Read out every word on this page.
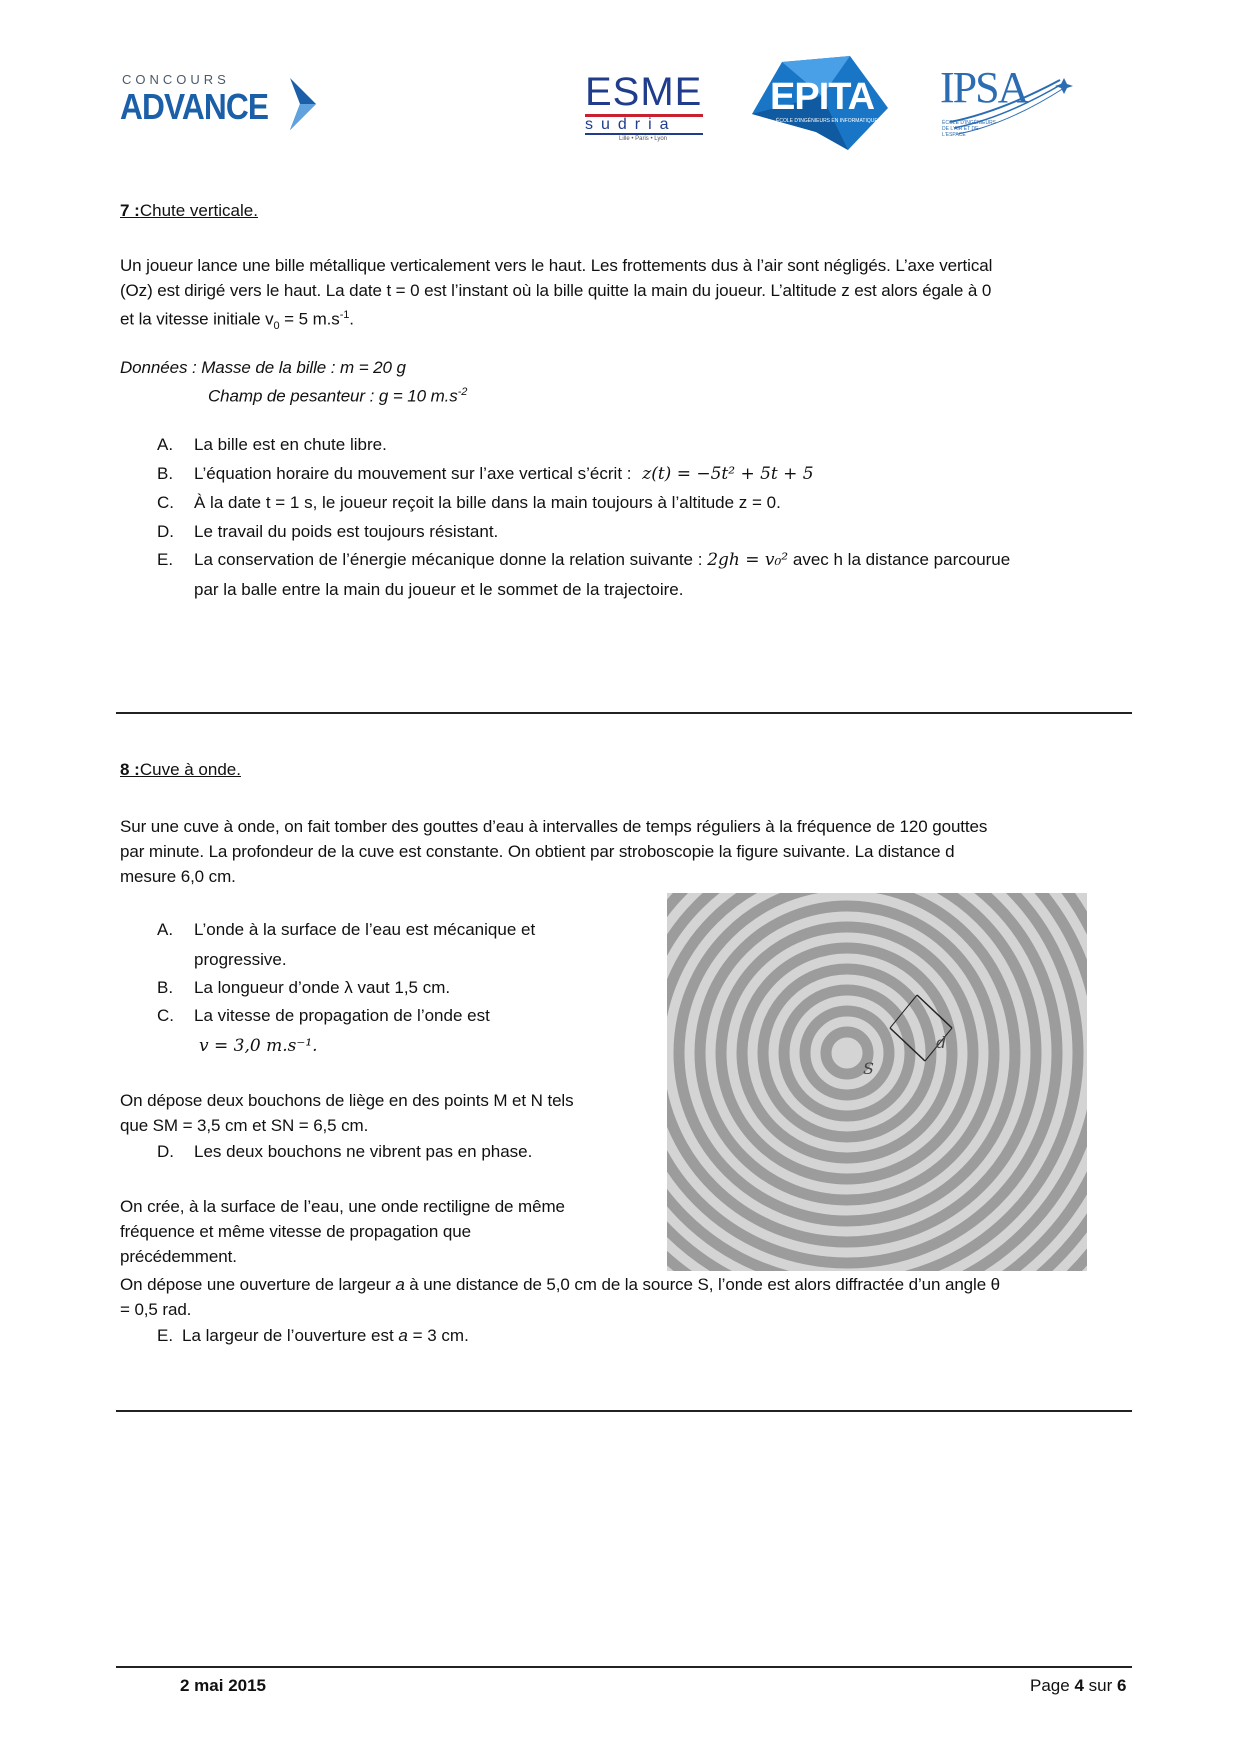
CONCOURS
ADVANCE	ESME
sudria
Lille • Paris • Lyon
EPITA
ÉCOLE D'INGÉNIEURS EN INFORMATIQUE
IPSA
ÉCOLE D'INGÉNIEURS DE L'AIR ET DE L'ESPACE
7 :Chute verticale.
Un joueur lance une bille métallique verticalement vers le haut. Les frottements dus à l’air sont négligés. L’axe vertical
(Oz) est dirigé vers le haut. La date t = 0 est l’instant où la bille quitte la main du joueur. L’altitude z est alors égale à 0
et la vitesse initiale $v_0 = 5$ $m.s^{-1}$.
Données : Masse de la bille : m = 20 g
Champ de pesanteur : g = 10 $m.s^{-2}$
A. La bille est en chute libre.
B. L’équation horaire du mouvement sur l’axe vertical s’écrit : z(t) = −5t² + 5t + 5
C. À la date t = 1 s, le joueur reçoit la bille dans la main toujours à l’altitude z = 0.
D. Le travail du poids est toujours résistant.
E. La conservation de l’énergie mécanique donne la relation suivante : 2gh = v₀² avec h la distance parcourue
par la balle entre la main du joueur et le sommet de la trajectoire.
8 :Cuve à onde.
Sur une cuve à onde, on fait tomber des gouttes d’eau à intervalles de temps réguliers à la fréquence de 120 gouttes
par minute. La profondeur de la cuve est constante. On obtient par stroboscopie la figure suivante. La distance d
mesure 6,0 cm.
A. L’onde à la surface de l’eau est mécanique et
progressive.
B. La longueur d’onde λ vaut 1,5 cm.
C. La vitesse de propagation de l’onde est
v = 3,0 m.s⁻¹.
On dépose deux bouchons de liège en des points M et N tels
que SM = 3,5 cm et SN = 6,5 cm.
D. Les deux bouchons ne vibrent pas en phase.
On crée, à la surface de l’eau, une onde rectiligne de même
fréquence et même vitesse de propagation que
précédemment.
On dépose une ouverture de largeur a à une distance de 5,0 cm de la source S, l’onde est alors diffractée d’un angle θ
= 0,5 rad.
E. La largeur de l’ouverture est a = 3 cm.
S
d
2 mai 2015	Page 4 sur 6
